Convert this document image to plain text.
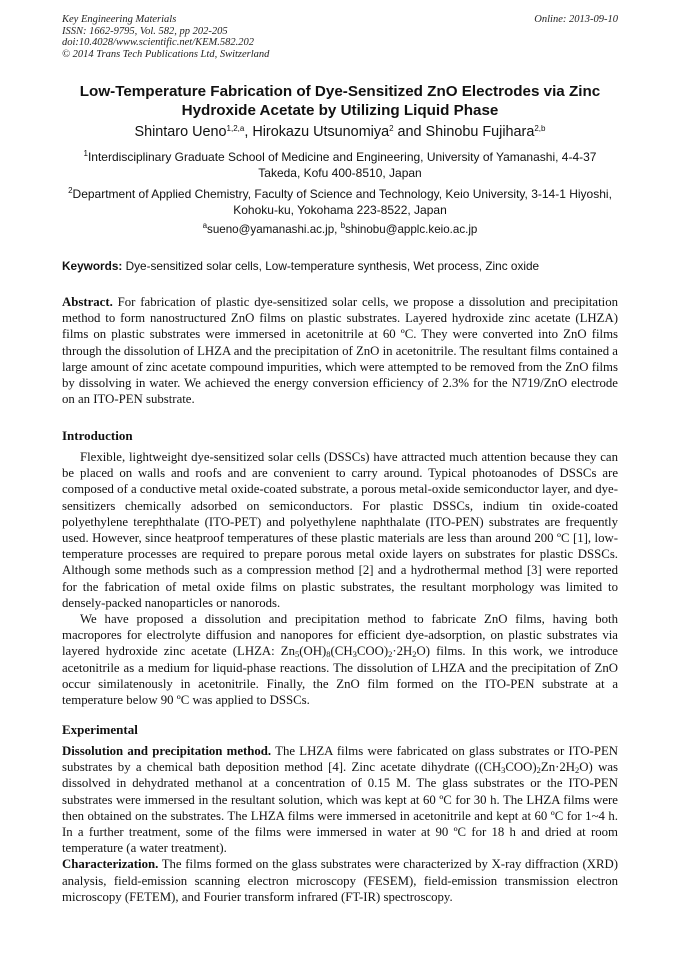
Key Engineering Materials
ISSN: 1662-9795, Vol. 582, pp 202-205
doi:10.4028/www.scientific.net/KEM.582.202
© 2014 Trans Tech Publications Ltd, Switzerland
Online: 2013-09-10
Low-Temperature Fabrication of Dye-Sensitized ZnO Electrodes via Zinc Hydroxide Acetate by Utilizing Liquid Phase
Shintaro Ueno$^{1,2,a}$, Hirokazu Utsunomiya$^2$ and Shinobu Fujihara$^{2,b}$
$^1$Interdisciplinary Graduate School of Medicine and Engineering, University of Yamanashi, 4-4-37 Takeda, Kofu 400-8510, Japan
$^2$Department of Applied Chemistry, Faculty of Science and Technology, Keio University, 3-14-1 Hiyoshi, Kohoku-ku, Yokohama 223-8522, Japan
$^a$sueno@yamanashi.ac.jp, $^b$shinobu@applc.keio.ac.jp
Keywords: Dye-sensitized solar cells, Low-temperature synthesis, Wet process, Zinc oxide
Abstract. For fabrication of plastic dye-sensitized solar cells, we propose a dissolution and precipitation method to form nanostructured ZnO films on plastic substrates. Layered hydroxide zinc acetate (LHZA) films on plastic substrates were immersed in acetonitrile at 60 ºC. They were converted into ZnO films through the dissolution of LHZA and the precipitation of ZnO in acetonitrile. The resultant films contained a large amount of zinc acetate compound impurities, which were attempted to be removed from the ZnO films by dissolving in water. We achieved the energy conversion efficiency of 2.3% for the N719/ZnO electrode on an ITO-PEN substrate.
Introduction

Flexible, lightweight dye-sensitized solar cells (DSSCs) have attracted much attention because they can be placed on walls and roofs and are convenient to carry around. Typical photoanodes of DSSCs are composed of a conductive metal oxide-coated substrate, a porous metal-oxide semiconductor layer, and dye-sensitizers chemically adsorbed on semiconductors. For plastic DSSCs, indium tin oxide-coated polyethylene terephthalate (ITO-PET) and polyethylene naphthalate (ITO-PEN) substrates are frequently used. However, since heatproof temperatures of these plastic materials are less than around 200 ºC [1], low-temperature processes are required to prepare porous metal oxide layers on substrates for plastic DSSCs. Although some methods such as a compression method [2] and a hydrothermal method [3] were reported for the fabrication of metal oxide films on plastic substrates, the resultant morphology was limited to densely-packed nanoparticles or nanorods.

We have proposed a dissolution and precipitation method to fabricate ZnO films, having both macropores for electrolyte diffusion and nanopores for efficient dye-adsorption, on plastic substrates via layered hydroxide zinc acetate (LHZA: $Zn_5(OH)_8(CH_3COO)_2\cdot 2H_2O$) films. In this work, we introduce acetonitrile as a medium for liquid-phase reactions. The dissolution of LHZA and the precipitation of ZnO occur similatenously in acetonitrile. Finally, the ZnO film formed on the ITO-PEN substrate at a temperature below 90 ºC was applied to DSSCs.

Experimental

Dissolution and precipitation method. The LHZA films were fabricated on glass substrates or ITO-PEN substrates by a chemical bath deposition method [4]. Zinc acetate dihydrate $((CH_3COO)_2Zn\cdot 2H_2O)$ was dissolved in dehydrated methanol at a concentration of 0.15 M. The glass substrates or the ITO-PEN substrates were immersed in the resultant solution, which was kept at 60 ºC for 30 h. The LHZA films were then obtained on the substrates. The LHZA films were immersed in acetonitrile and kept at 60 ºC for 1~4 h. In a further treatment, some of the films were immersed in water at 90 ºC for 18 h and dried at room temperature (a water treatment).

Characterization. The films formed on the glass substrates were characterized by X-ray diffraction (XRD) analysis, field-emission scanning electron microscopy (FESEM), field-emission transmission electron microscopy (FETEM), and Fourier transform infrared (FT-IR) spectroscopy.
